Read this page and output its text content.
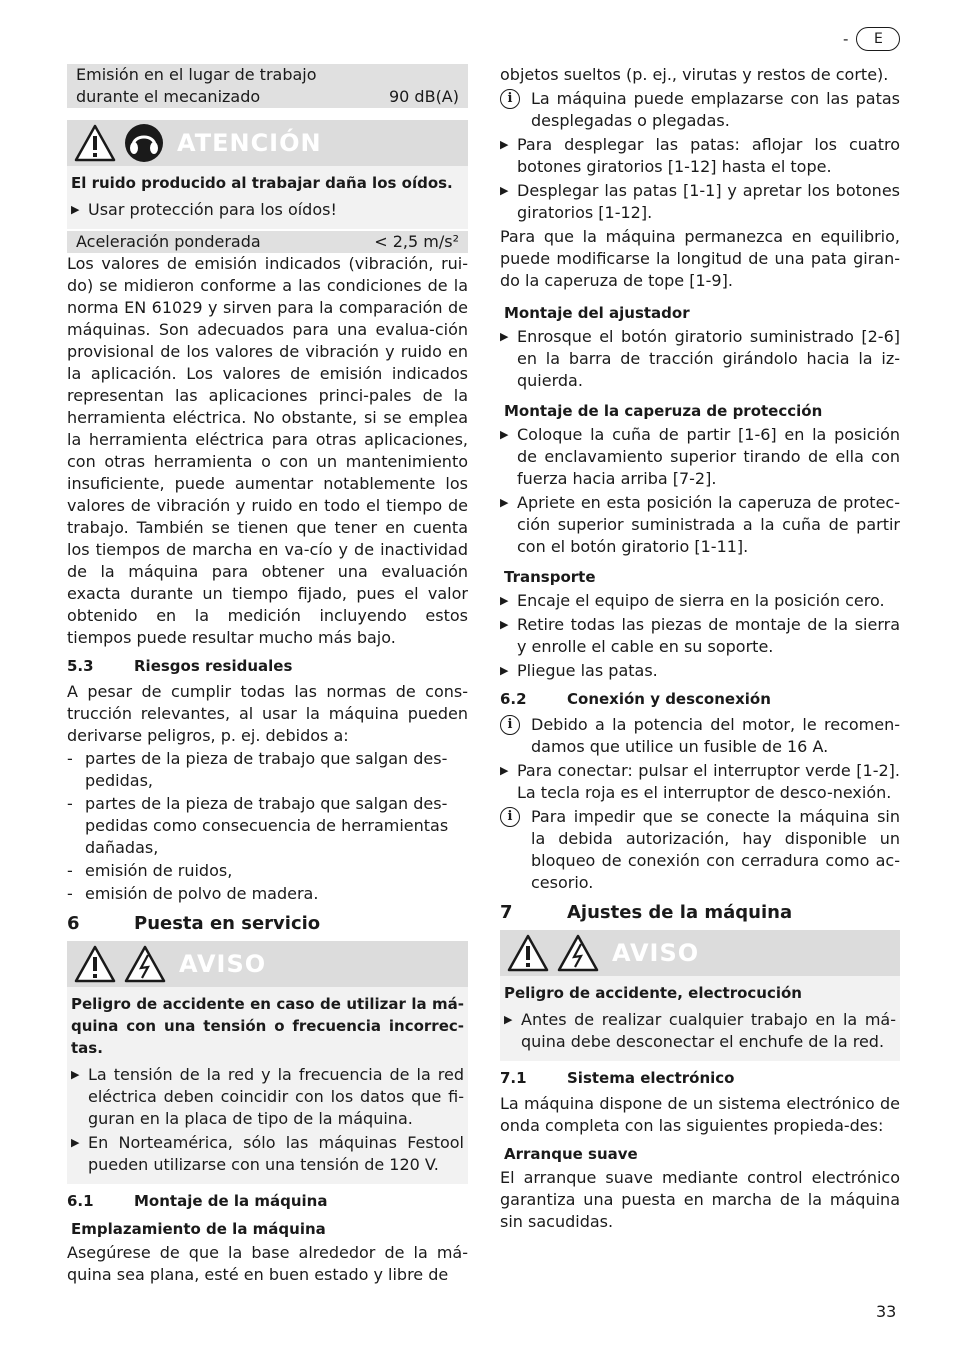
-	E
Emisión en el lugar de trabajo
durante el mecanizado	90 dB(A)
ATENCIÓN
El ruido producido al trabajar daña los oídos.
▶ Usar protección para los oídos!
Aceleración ponderada	< 2,5 m/s²

Los valores de emisión indicados (vibración, rui-do) se midieron conforme a las condiciones de la norma EN 61029 y sirven para la comparación de máquinas. Son adecuados para una evalua-ción provisional de los valores de vibración y ruido en la aplicación. Los valores de emisión indicados representan las aplicaciones princi-pales de la herramienta eléctrica. No obstante, si se emplea la herramienta eléctrica para otras aplicaciones, con otras herramienta o con un mantenimiento insuficiente, puede aumentar notablemente los valores de vibración y ruido en todo el tiempo de trabajo. También se tienen que tener en cuenta los tiempos de marcha en va-cío y de inactividad de la máquina para obtener una evaluación exacta durante un tiempo fijado, pues el valor obtenido en la medición incluyendo estos tiempos puede resultar mucho más bajo.

5.3	Riesgos residuales

A pesar de cumplir todas las normas de cons-trucción relevantes, al usar la máquina pueden derivarse peligros, p. ej. debidos a:

- partes de la pieza de trabajo que salgan des-pedidas,
- partes de la pieza de trabajo que salgan des-pedidas como consecuencia de herramientas dañadas,
- emisión de ruidos,
- emisión de polvo de madera.
6	Puesta en servicio
AVISO
Peligro de accidente en caso de utilizar la má-quina con una tensión o frecuencia incorrec-tas.
▶ La tensión de la red y la frecuencia de la red eléctrica deben coincidir con los datos que fi-guran en la placa de tipo de la máquina.
▶ En Norteamérica, sólo las máquinas Festool pueden utilizarse con una tensión de 120 V.
6.1	Montaje de la máquina
Emplazamiento de la máquina

Asegúrese de que la base alrededor de la má-quina sea plana, esté en buen estado y libre de

objetos sueltos (p. ej., virutas y restos de corte).

i	La máquina puede emplazarse con las patas desplegadas o plegadas.
▶ Para desplegar las patas: aflojar los cuatro botones giratorios [1-12] hasta el tope.
▶ Desplegar las patas [1-1] y apretar los botones giratorios [1-12].

Para que la máquina permanezca en equilibrio, puede modificarse la longitud de una pata giran-do la caperuza de tope [1-9].

Montaje del ajustador
▶ Enrosque el botón giratorio suministrado [2-6] en la barra de tracción girándolo hacia la iz-quierda.
Montaje de la caperuza de protección
▶ Coloque la cuña de partir [1-6] en la posición de enclavamiento superior tirando de ella con fuerza hacia arriba [7-2].
▶ Apriete en esta posición la caperuza de protec-ción superior suministrada a la cuña de partir con el botón giratorio [1-11].
Transporte
▶ Encaje el equipo de sierra en la posición cero.
▶ Retire todas las piezas de montaje de la sierra y enrolle el cable en su soporte.
▶ Pliegue las patas.
6.2	Conexión y desconexión
i	Debido a la potencia del motor, le recomen-damos que utilice un fusible de 16 A.
▶ Para conectar: pulsar el interruptor verde [1-2]. La tecla roja es el interruptor de desco-nexión.
i	Para impedir que se conecte la máquina sin la debida autorización, hay disponible un bloqueo de conexión con cerradura como ac-cesorio.
7	Ajustes de la máquina
AVISO
Peligro de accidente, electrocución
▶ Antes de realizar cualquier trabajo en la má-quina debe desconectar el enchufe de la red.
7.1	Sistema electrónico

La máquina dispone de un sistema electrónico de onda completa con las siguientes propieda-des:

Arranque suave

El arranque suave mediante control electrónico garantiza una puesta en marcha de la máquina sin sacudidas.

33
